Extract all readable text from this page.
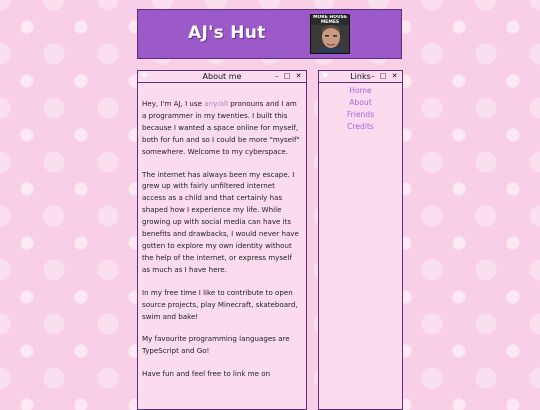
AJ's Hut
MORE HOUSE MEMES
♥	About me	– □ ✕

Hey, I'm AJ, I use any/all pronouns and I am a programmer in my twenties. I built this because I wanted a space online for myself, both for fun and so I could be more "myself" somewhere. Welcome to my cyberspace.

The internet has always been my escape. I grew up with fairly unfiltered internet access as a child and that certainly has shaped how I experience my life. While growing up with social media can have its benefits and drawbacks, I would never have gotten to explore my own identity without the help of the internet, or express myself as much as I have here.

In my free time I like to contribute to open source projects, play Minecraft, skateboard, swim and bake!

My favourite programming languages are TypeScript and Go!

Have fun and feel free to link me on

♥	Links – □ ✕
Home
About
Friends
Credits
